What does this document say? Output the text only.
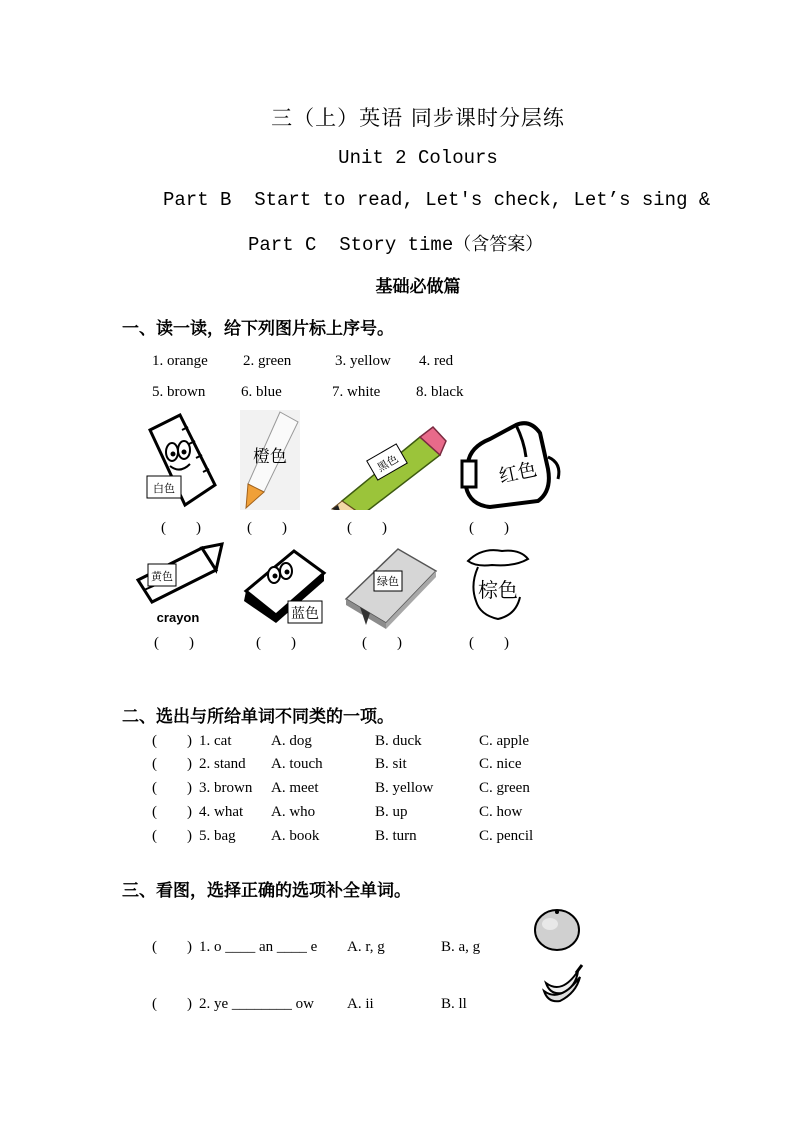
三（上）英语 同步课时分层练
Unit 2 Colours
Part B  Start to read, Let's check, Let’s sing &
Part C  Story time（含答案）
基础必做篇
一、读一读，给下列图片标上序号。
1. orange 2. green	3. yellow 4. red
5. brown 6. blue	7. white 8. black
白色
橙色	黑色	红色
(        )	(        )	(        )	(        )
黄色
crayon	蓝色
绿色	棕色
(        )	(        )	(        )	(        )
二、选出与所给单词不同类的一项。
(        ) 1. cat	A. dog	B. duck	C. apple
(        ) 2. stand A. touch	B. sit	C. nice
(        ) 3. brown A. meet	B. yellow	C. green
(        ) 4. what A. who	B. up	C. how
(        ) 5. bag A. book	B. turn	C. pencil
三、看图，选择正确的选项补全单词。
(        ) 1. o ____ an ____ e A. r, g	B. a, g
(        ) 2. ye ________ ow A. ii	B. ll
